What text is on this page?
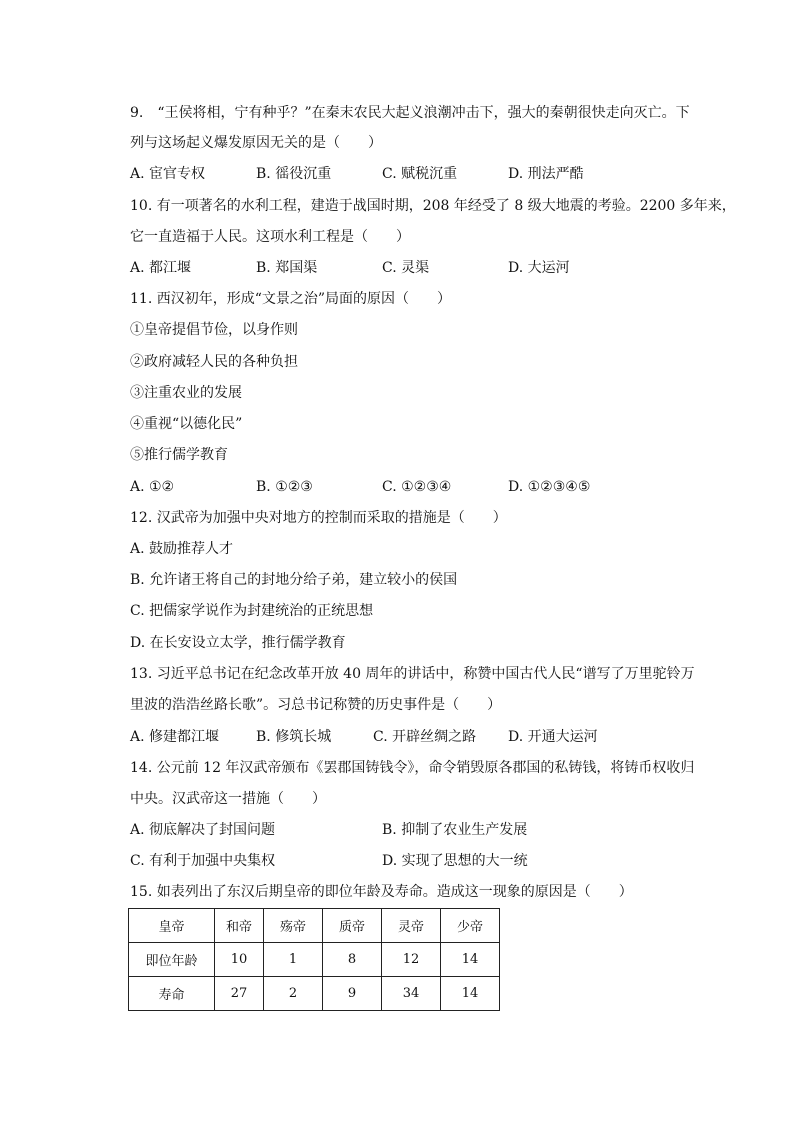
9.　“王侯将相，宁有种乎？”在秦末农民大起义浪潮冲击下，强大的秦朝很快走向灭亡。下
列与这场起义爆发原因无关的是（　　）
A. 宦官专权	B. 徭役沉重	C. 赋税沉重	D. 刑法严酷
10. 有一项著名的水利工程，建造于战国时期，208 年经受了 8 级大地震的考验。2200 多年来，
它一直造福于人民。这项水利工程是（　　）
A. 都江堰	B. 郑国渠	C. 灵渠	D. 大运河
11. 西汉初年，形成“文景之治”局面的原因（　　）
①皇帝提倡节俭，以身作则
②政府减轻人民的各种负担
③注重农业的发展
④重视“以德化民”
⑤推行儒学教育
A. ①②	B. ①②③	C. ①②③④	D. ①②③④⑤
12. 汉武帝为加强中央对地方的控制而采取的措施是（　　）
A. 鼓励推荐人才
B. 允许诸王将自己的封地分给子弟，建立较小的侯国
C. 把儒家学说作为封建统治的正统思想
D. 在长安设立太学，推行儒学教育
13. 习近平总书记在纪念改革开放 40 周年的讲话中，称赞中国古代人民“谱写了万里驼铃万
里波的浩浩丝路长歌”。习总书记称赞的历史事件是（　　）
A. 修建都江堰	B. 修筑长城	C. 开辟丝绸之路 D. 开通大运河
14. 公元前 12 年汉武帝颁布《罢郡国铸钱令》，命令销毁原各郡国的私铸钱，将铸币权收归
中央。汉武帝这一措施（　　）
A. 彻底解决了封国问题	B. 抑制了农业生产发展
C. 有利于加强中央集权	D. 实现了思想的大一统
15. 如表列出了东汉后期皇帝的即位年龄及寿命。造成这一现象的原因是（　　）
皇帝	和帝	殇帝	质帝	灵帝	少帝
即位年龄	10	1	8	12	14
寿命	27	2	9	34	14
